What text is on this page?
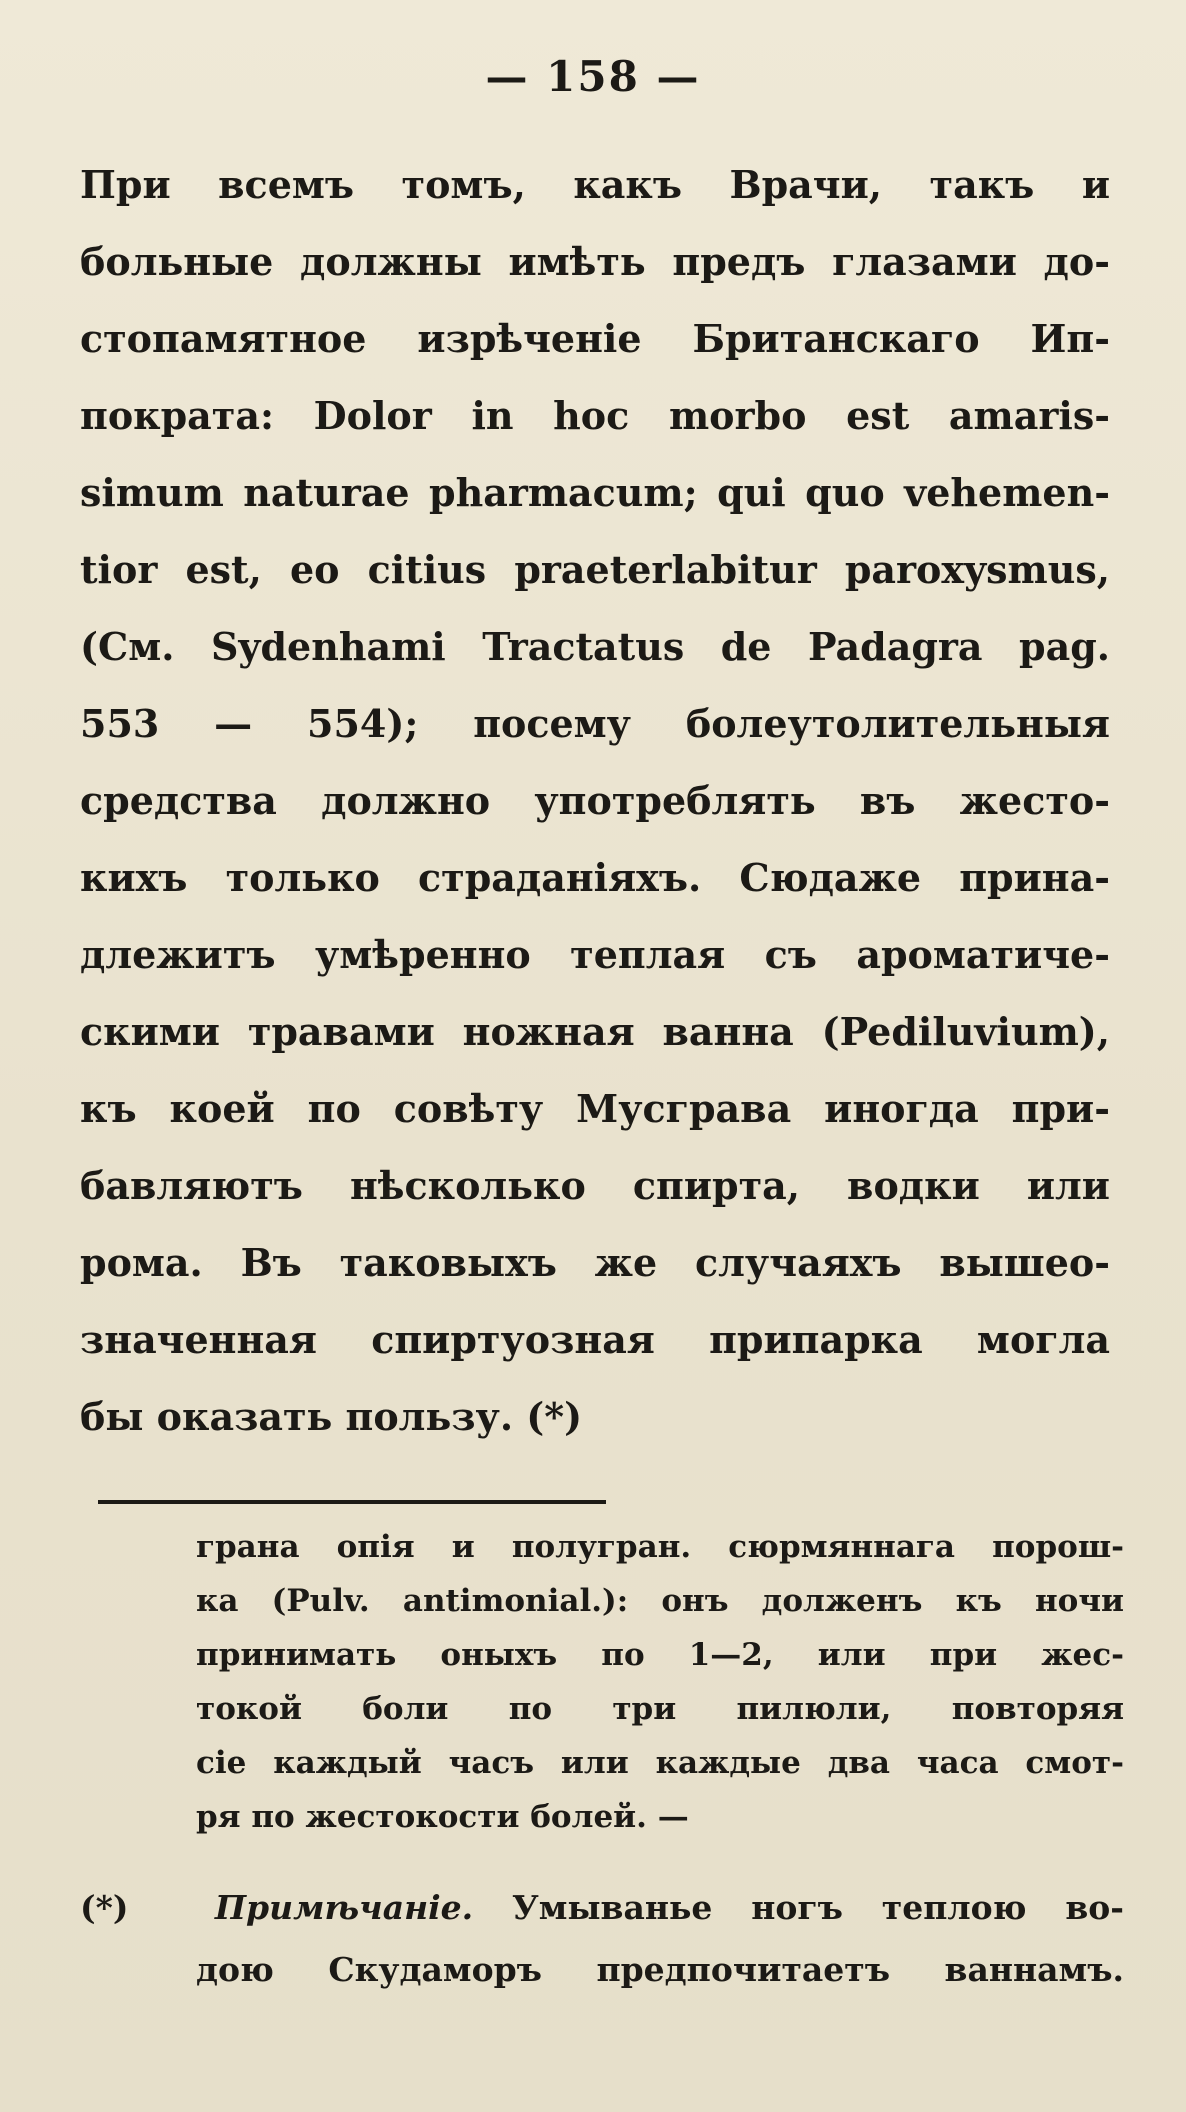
— 158 —
При всемъ томъ, какъ Врачи, такъ и
больные должны имѣть предъ глазами до-
стопамятное изрѣченіе Британскаго Ип-
пократа: Dolor in hoc morbo est amaris-
simum naturae pharmacum; qui quo vehemen-
tior est, eo citius praeterlabitur paroxysmus,
(См. Sydenhami Tractatus de Padagra pag.
553 — 554); посему болеутолительныя
средства должно употреблять въ жесто-
кихъ только страданіяхъ. Сюдаже прина-
длежитъ умѣренно теплая съ ароматиче-
скими травами ножная ванна (Pediluvium),
къ коей по совѣту Мусграва иногда при-
бавляютъ нѣсколько спирта, водки или
рома. Въ таковыхъ же случаяхъ вышео-
значенная спиртуозная припарка могла
бы оказать пользу. (*)
грана опія и полугран. сюрмяннага порош-
ка (Pulv. antimonial.): онъ долженъ къ ночи
принимать оныхъ по 1—2, или при жес-
токой боли по три пилюли, повторяя
сіе каждый часъ или каждые два часа смот-
ря по жестокости болей. —
(*)	Примѣчаніе. Умыванье ногъ теплою во-
дою Скудаморъ предпочитаетъ ваннамъ.
